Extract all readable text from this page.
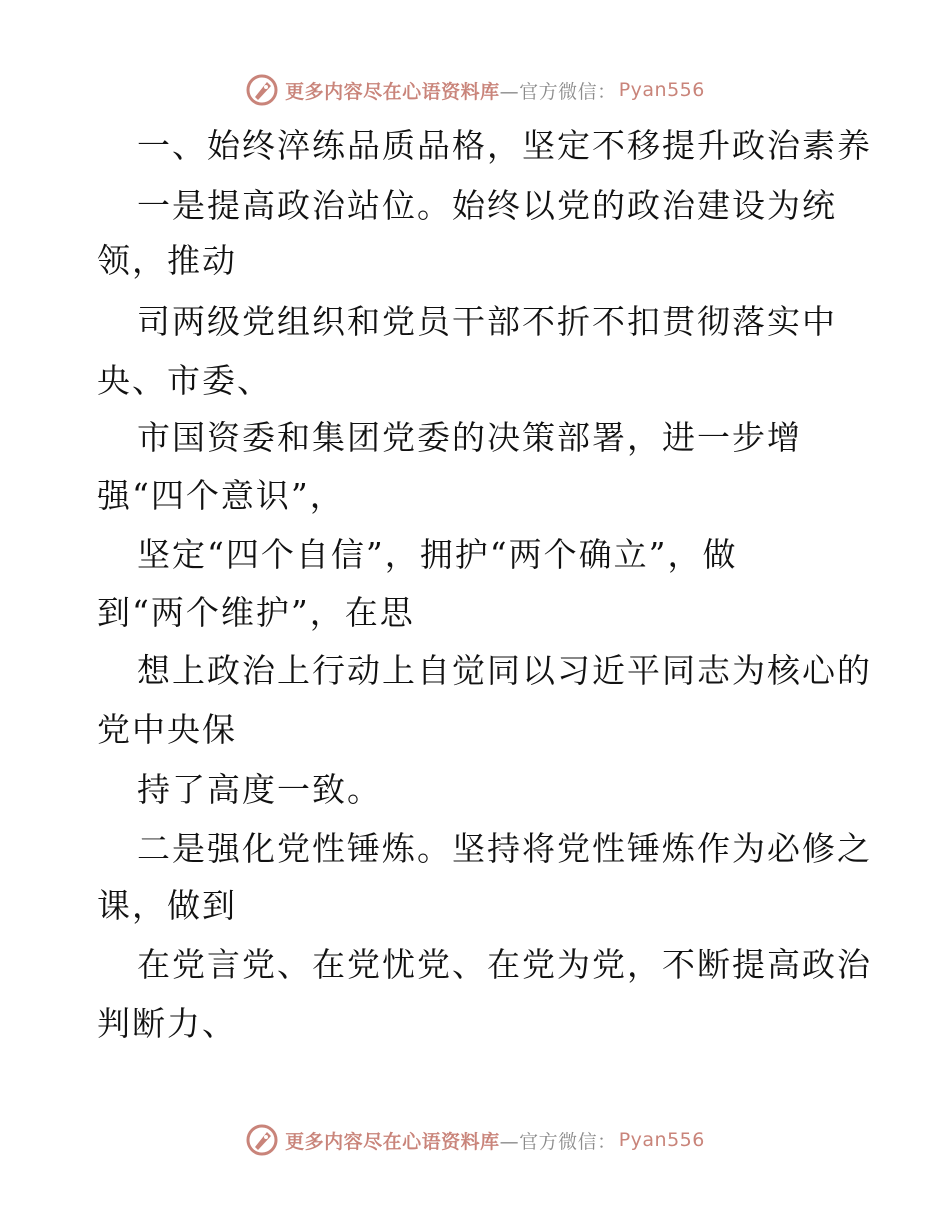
更多内容尽在心语资料库 —官方微信： Pyan556
一、始终淬练品质品格，坚定不移提升政治素养
一是提高政治站位。始终以党的政治建设为统
领，推动
司两级党组织和党员干部不折不扣贯彻落实中
央、市委、
市国资委和集团党委的决策部署，进一步增
强“四个意识”，
坚定“四个自信”，拥护“两个确立”，做
到“两个维护”，在思
想上政治上行动上自觉同以习近平同志为核心的
党中央保
持了高度一致。
二是强化党性锤炼。坚持将党性锤炼作为必修之
课，做到
在党言党、在党忧党、在党为党，不断提高政治
判断力、
更多内容尽在心语资料库 —官方微信： Pyan556
